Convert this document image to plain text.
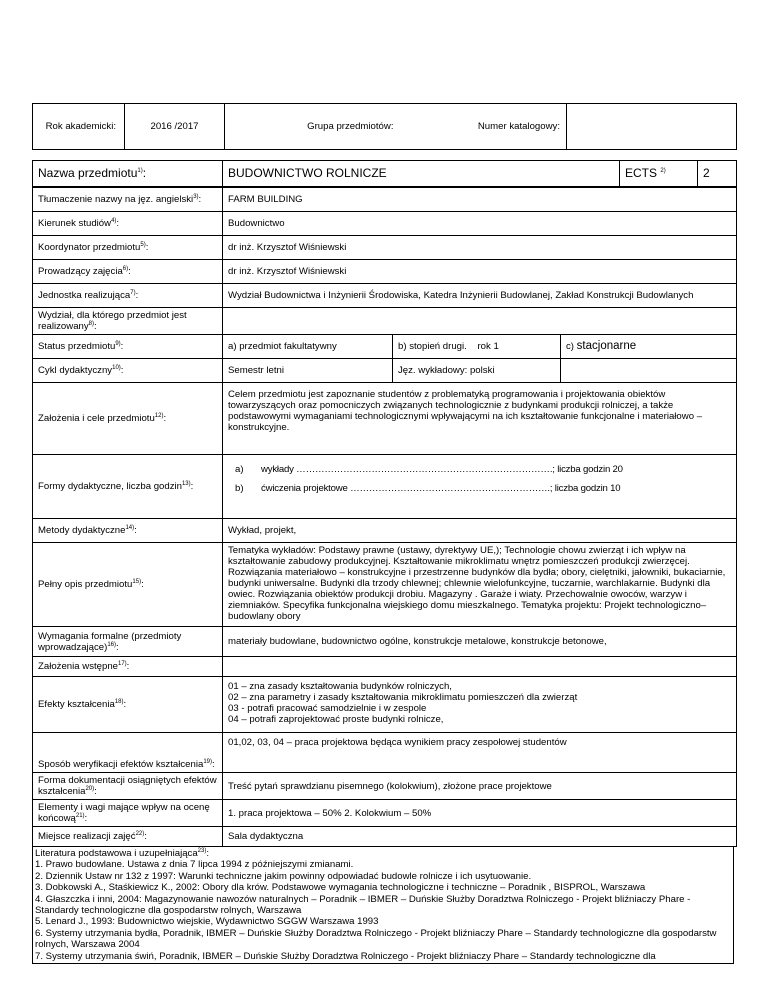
Rok akademicki:	2016 /2017	Grupa przedmiotów:	Numer katalogowy:	
Nazwa przedmiotu$^{1)}$:	BUDOWNICTWO ROLNICZE	ECTS $^{2)}$	2
Tłumaczenie nazwy na jęz. angielski$^{3)}$:	FARM BUILDING		
Kierunek studiów$^{4)}$:	Budownictwo		
Koordynator przedmiotu$^{5)}$:	dr inż. Krzysztof Wiśniewski		
Prowadzący zajęcia$^{6)}$:	dr inż. Krzysztof Wiśniewski		
Jednostka realizująca$^{7)}$:	Wydział Budownictwa i Inżynierii Środowiska, Katedra Inżynierii Budowlanej, Zakład Konstrukcji Budowlanych		
Wydział, dla którego przedmiot jest realizowany$^{8)}$:			
Status przedmiotu$^{9)}$:	a) przedmiot fakultatywny	b) stopień drugi.    rok 1	c) stacjonarne
Cykl dydaktyczny$^{10)}$:	Semestr letni	Jęz. wykładowy: polski	
Założenia i cele przedmiotu$^{12)}$:	Celem przedmiotu jest zapoznanie studentów z problematyką programowania i projektowania obiektów towarzyszących oraz pomocniczych związanych technologicznie z budynkami produkcji rolniczej, a także podstawowymi wymaganiami technologicznymi wpływającymi na ich kształtowanie funkcjonalne i materiałowo – konstrukcyjne.		
Formy dydaktyczne, liczba godzin$^{13)}$:	a) wykłady ……………………………………………………………………….; liczba godzin 20
b) ćwiczenia projektowe ……………………………………………………….; liczba godzin 10		

Metody dydaktyczne$^{14)}$:	Wykład, projekt,		
Pełny opis przedmiotu$^{15)}$:	Tematyka wykładów: Podstawy prawne (ustawy, dyrektywy UE,); Technologie chowu zwierząt i ich wpływ na kształtowanie zabudowy produkcyjnej. Kształtowanie mikroklimatu wnętrz pomieszczeń produkcji zwierzęcej. Rozwiązania materiałowo – konstrukcyjne i przestrzenne budynków dla bydła; obory, cielętniki, jałowniki, bukaciarnie, budynki uniwersalne. Budynki dla trzody chlewnej; chlewnie wielofunkcyjne, tuczarnie, warchlakarnie. Budynki dla owiec. Rozwiązania obiektów produkcji drobiu. Magazyny . Garaże i wiaty. Przechowalnie owoców, warzyw i ziemniaków. Specyfika funkcjonalna wiejskiego domu mieszkalnego. Tematyka projektu: Projekt technologiczno–budowlany obory		
Wymagania formalne (przedmioty wprowadzające)$^{16)}$:	materiały budowlane, budownictwo ogólne, konstrukcje metalowe, konstrukcje betonowe,		
Założenia wstępne$^{17)}$:			
Efekty kształcenia$^{18)}$:	01 – zna zasady kształtowania budynków rolniczych,
02 – zna parametry i zasady kształtowania mikroklimatu pomieszczeń dla zwierząt
03 - potrafi pracować samodzielnie i w zespole
04 – potrafi zaprojektować proste budynki rolnicze,		

Sposób weryfikacji efektów kształcenia$^{19)}$:	01,02, 03, 04 – praca projektowa będąca wynikiem pracy zespołowej studentów		
Forma dokumentacji osiągniętych efektów kształcenia$^{20)}$:	Treść pytań sprawdzianu pisemnego (kolokwium), złożone prace projektowe		
Elementy i wagi mające wpływ na ocenę końcową$^{21)}$:	1. praca projektowa – 50% 2. Kolokwium – 50%		
Miejsce realizacji zajęć$^{22)}$:	Sala dydaktyczna		
Literatura podstawowa i uzupełniająca$^{23)}$:
1. Prawo budowlane. Ustawa z dnia 7 lipca 1994 z późniejszymi zmianami.
2. Dziennik Ustaw nr 132 z 1997: Warunki techniczne jakim powinny odpowiadać budowle rolnicze i ich usytuowanie.
3. Dobkowski A., Staśkiewicz K., 2002: Obory dla krów. Podstawowe wymagania technologiczne i techniczne – Poradnik , BISPROL, Warszawa
4. Głaszczka i inni, 2004: Magazynowanie nawozów naturalnych – Poradnik – IBMER – Duńskie Służby Doradztwa Rolniczego - Projekt bliźniaczy Phare - Standardy technologiczne dla gospodarstw rolnych, Warszawa
5. Lenard J., 1993: Budownictwo wiejskie, Wydawnictwo SGGW Warszawa 1993
6. Systemy utrzymania bydła, Poradnik, IBMER – Duńskie Służby Doradztwa Rolniczego - Projekt bliźniaczy Phare – Standardy technologiczne dla gospodarstw rolnych, Warszawa 2004
7. Systemy utrzymania świń, Poradnik, IBMER – Duńskie Służby Doradztwa Rolniczego - Projekt bliźniaczy Phare – Standardy technologiczne dla
